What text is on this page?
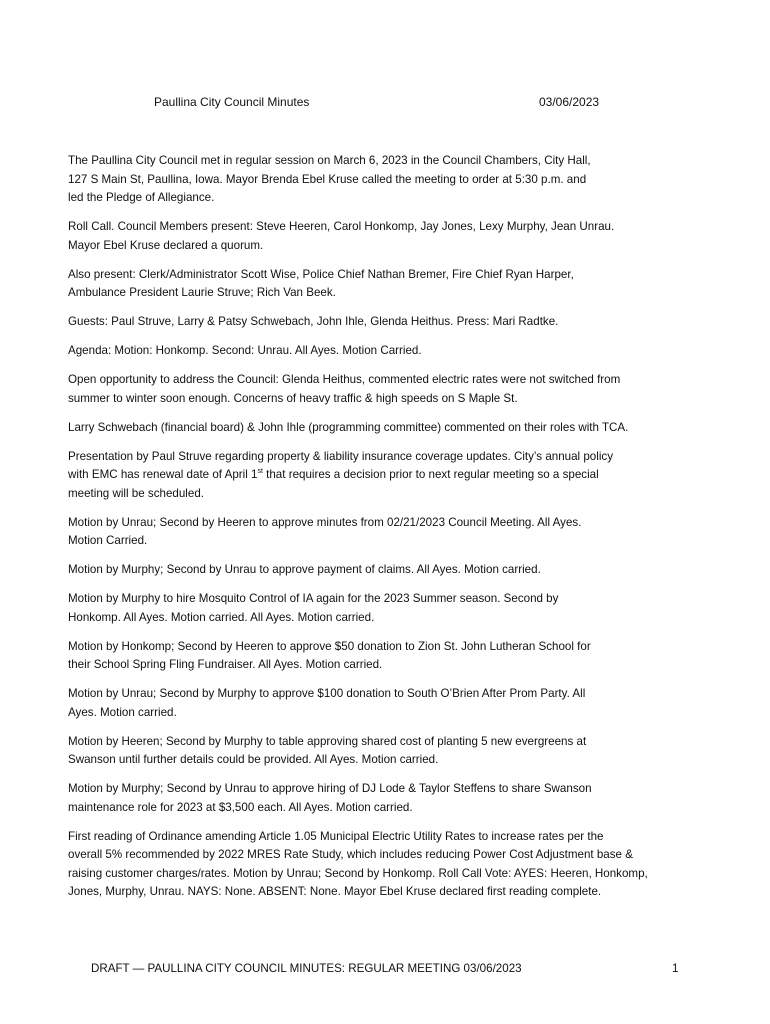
Paullina City Council Minutes	03/06/2023

The Paullina City Council met in regular session on March 6, 2023 in the Council Chambers, City Hall,
127 S Main St, Paullina, Iowa. Mayor Brenda Ebel Kruse called the meeting to order at 5:30 p.m. and
led the Pledge of Allegiance.

Roll Call. Council Members present: Steve Heeren, Carol Honkomp, Jay Jones, Lexy Murphy, Jean Unrau.
Mayor Ebel Kruse declared a quorum.

Also present: Clerk/Administrator Scott Wise, Police Chief Nathan Bremer, Fire Chief Ryan Harper,
Ambulance President Laurie Struve; Rich Van Beek.

Guests: Paul Struve, Larry & Patsy Schwebach, John Ihle, Glenda Heithus. Press: Mari Radtke.

Agenda: Motion: Honkomp. Second: Unrau. All Ayes. Motion Carried.

Open opportunity to address the Council: Glenda Heithus, commented electric rates were not switched from
summer to winter soon enough. Concerns of heavy traffic & high speeds on S Maple St.

Larry Schwebach (financial board) & John Ihle (programming committee) commented on their roles with TCA.

Presentation by Paul Struve regarding property & liability insurance coverage updates. City’s annual policy
with EMC has renewal date of April 1st that requires a decision prior to next regular meeting so a special
meeting will be scheduled.

Motion by Unrau; Second by Heeren to approve minutes from 02/21/2023 Council Meeting. All Ayes.
Motion Carried.

Motion by Murphy; Second by Unrau to approve payment of claims. All Ayes. Motion carried.

Motion by Murphy to hire Mosquito Control of IA again for the 2023 Summer season. Second by
Honkomp. All Ayes. Motion carried. All Ayes. Motion carried.

Motion by Honkomp; Second by Heeren to approve $50 donation to Zion St. John Lutheran School for
their School Spring Fling Fundraiser. All Ayes. Motion carried.

Motion by Unrau; Second by Murphy to approve $100 donation to South O’Brien After Prom Party. All
Ayes. Motion carried.

Motion by Heeren; Second by Murphy to table approving shared cost of planting 5 new evergreens at
Swanson until further details could be provided. All Ayes. Motion carried.

Motion by Murphy; Second by Unrau to approve hiring of DJ Lode & Taylor Steffens to share Swanson
maintenance role for 2023 at $3,500 each. All Ayes. Motion carried.

First reading of Ordinance amending Article 1.05 Municipal Electric Utility Rates to increase rates per the
overall 5% recommended by 2022 MRES Rate Study, which includes reducing Power Cost Adjustment base &
raising customer charges/rates. Motion by Unrau; Second by Honkomp. Roll Call Vote: AYES: Heeren, Honkomp,
Jones, Murphy, Unrau. NAYS: None. ABSENT: None. Mayor Ebel Kruse declared first reading complete.

DRAFT — PAULLINA CITY COUNCIL MINUTES: REGULAR MEETING 03/06/2023	1
